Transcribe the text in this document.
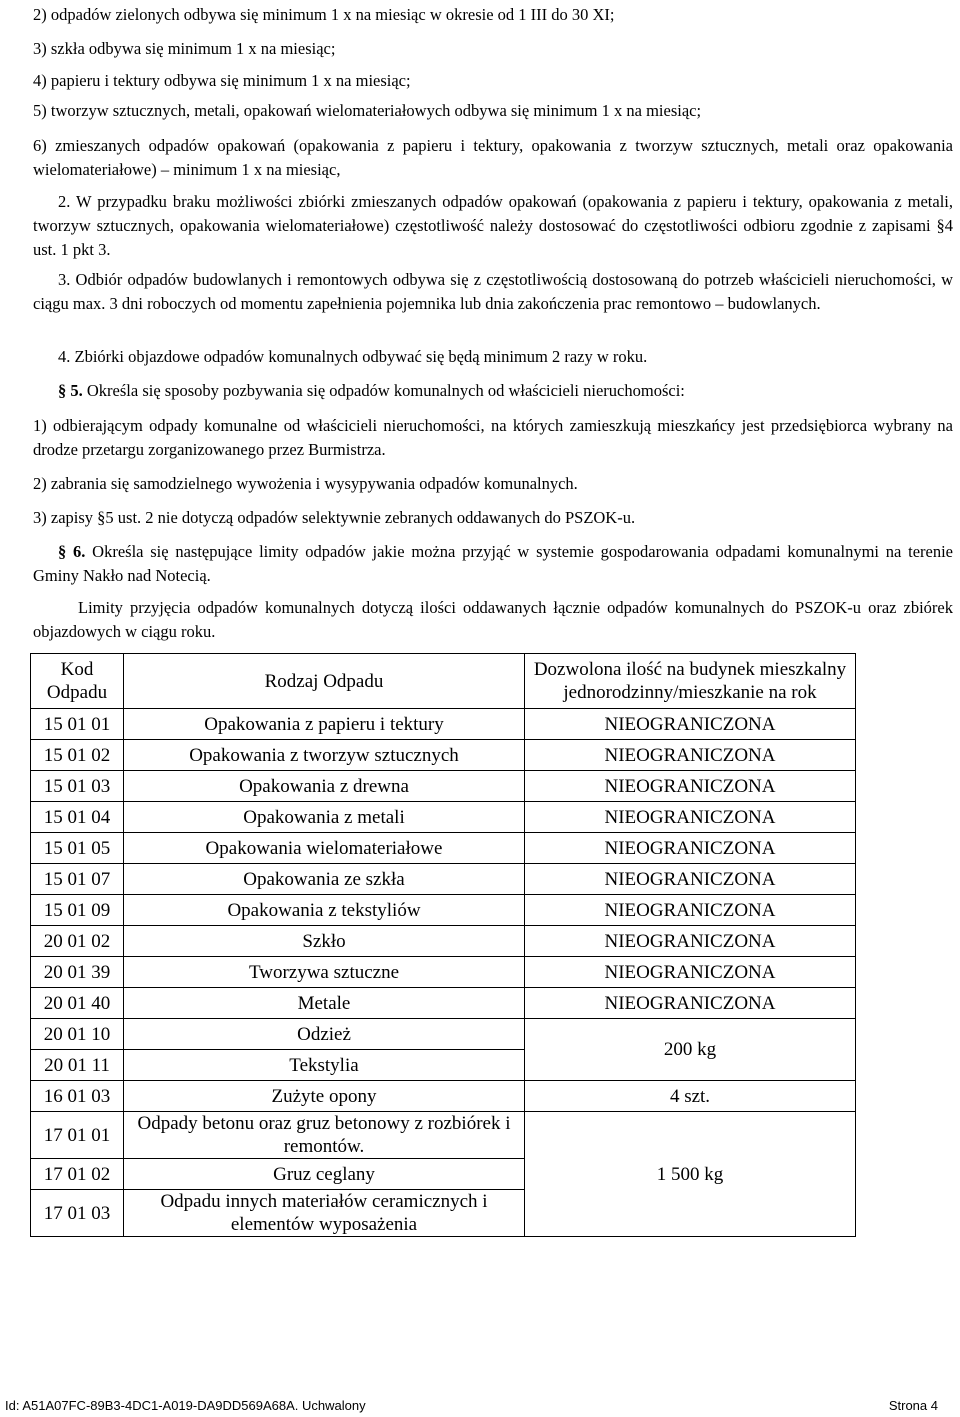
2) odpadów zielonych odbywa się minimum 1 x na miesiąc w okresie od 1 III do 30 XI;
3) szkła odbywa się minimum 1 x na miesiąc;
4) papieru i tektury odbywa się minimum 1 x na miesiąc;
5) tworzyw sztucznych, metali, opakowań wielomateriałowych odbywa się minimum 1 x na miesiąc;
6) zmieszanych odpadów opakowań (opakowania z papieru i tektury, opakowania z tworzyw sztucznych, metali oraz opakowania wielomateriałowe) – minimum 1 x na miesiąc,
2. W przypadku braku możliwości zbiórki zmieszanych odpadów opakowań (opakowania z papieru i tektury, opakowania z metali, tworzyw sztucznych, opakowania wielomateriałowe) częstotliwość należy dostosować do częstotliwości odbioru zgodnie z zapisami §4 ust. 1 pkt 3.
3. Odbiór odpadów budowlanych i remontowych odbywa się z częstotliwością dostosowaną do potrzeb właścicieli nieruchomości, w ciągu max. 3 dni roboczych od momentu zapełnienia pojemnika lub dnia zakończenia prac remontowo – budowlanych.
4. Zbiórki objazdowe odpadów komunalnych odbywać się będą minimum 2 razy w roku.
§ 5. Określa się sposoby pozbywania się odpadów komunalnych od właścicieli nieruchomości:
1) odbierającym odpady komunalne od właścicieli nieruchomości, na których zamieszkują mieszkańcy jest przedsiębiorca wybrany na drodze przetargu zorganizowanego przez Burmistrza.
2) zabrania się samodzielnego wywożenia i wysypywania odpadów komunalnych.
3) zapisy §5 ust. 2 nie dotyczą odpadów selektywnie zebranych oddawanych do PSZOK-u.
§ 6. Określa się następujące limity odpadów jakie można przyjąć w systemie gospodarowania odpadami komunalnymi na terenie Gminy Nakło nad Notecią.
Limity przyjęcia odpadów komunalnych dotyczą ilości oddawanych łącznie odpadów komunalnych do PSZOK-u oraz zbiórek objazdowych w ciągu roku.
Kod Odpadu	Rodzaj Odpadu	Dozwolona ilość na budynek mieszkalny jednorodzinny/mieszkanie na rok
15 01 01	Opakowania z papieru i tektury	NIEOGRANICZONA
15 01 02	Opakowania z tworzyw sztucznych	NIEOGRANICZONA
15 01 03	Opakowania z drewna	NIEOGRANICZONA
15 01 04	Opakowania z metali	NIEOGRANICZONA
15 01 05	Opakowania wielomateriałowe	NIEOGRANICZONA
15 01 07	Opakowania ze szkła	NIEOGRANICZONA
15 01 09	Opakowania z tekstyliów	NIEOGRANICZONA
20 01 02	Szkło	NIEOGRANICZONA
20 01 39	Tworzywa sztuczne	NIEOGRANICZONA
20 01 40	Metale	NIEOGRANICZONA
20 01 10	Odzież	200 kg
20 01 11	Tekstylia	
16 01 03	Zużyte opony	4 szt.
17 01 01	Odpady betonu oraz gruz betonowy z rozbiórek i remontów.	1 500 kg
17 01 02	Gruz ceglany	
17 01 03	Odpadu innych materiałów ceramicznych i elementów wyposażenia	
Id: A51A07FC-89B3-4DC1-A019-DA9DD569A68A. Uchwalony	Strona 4
